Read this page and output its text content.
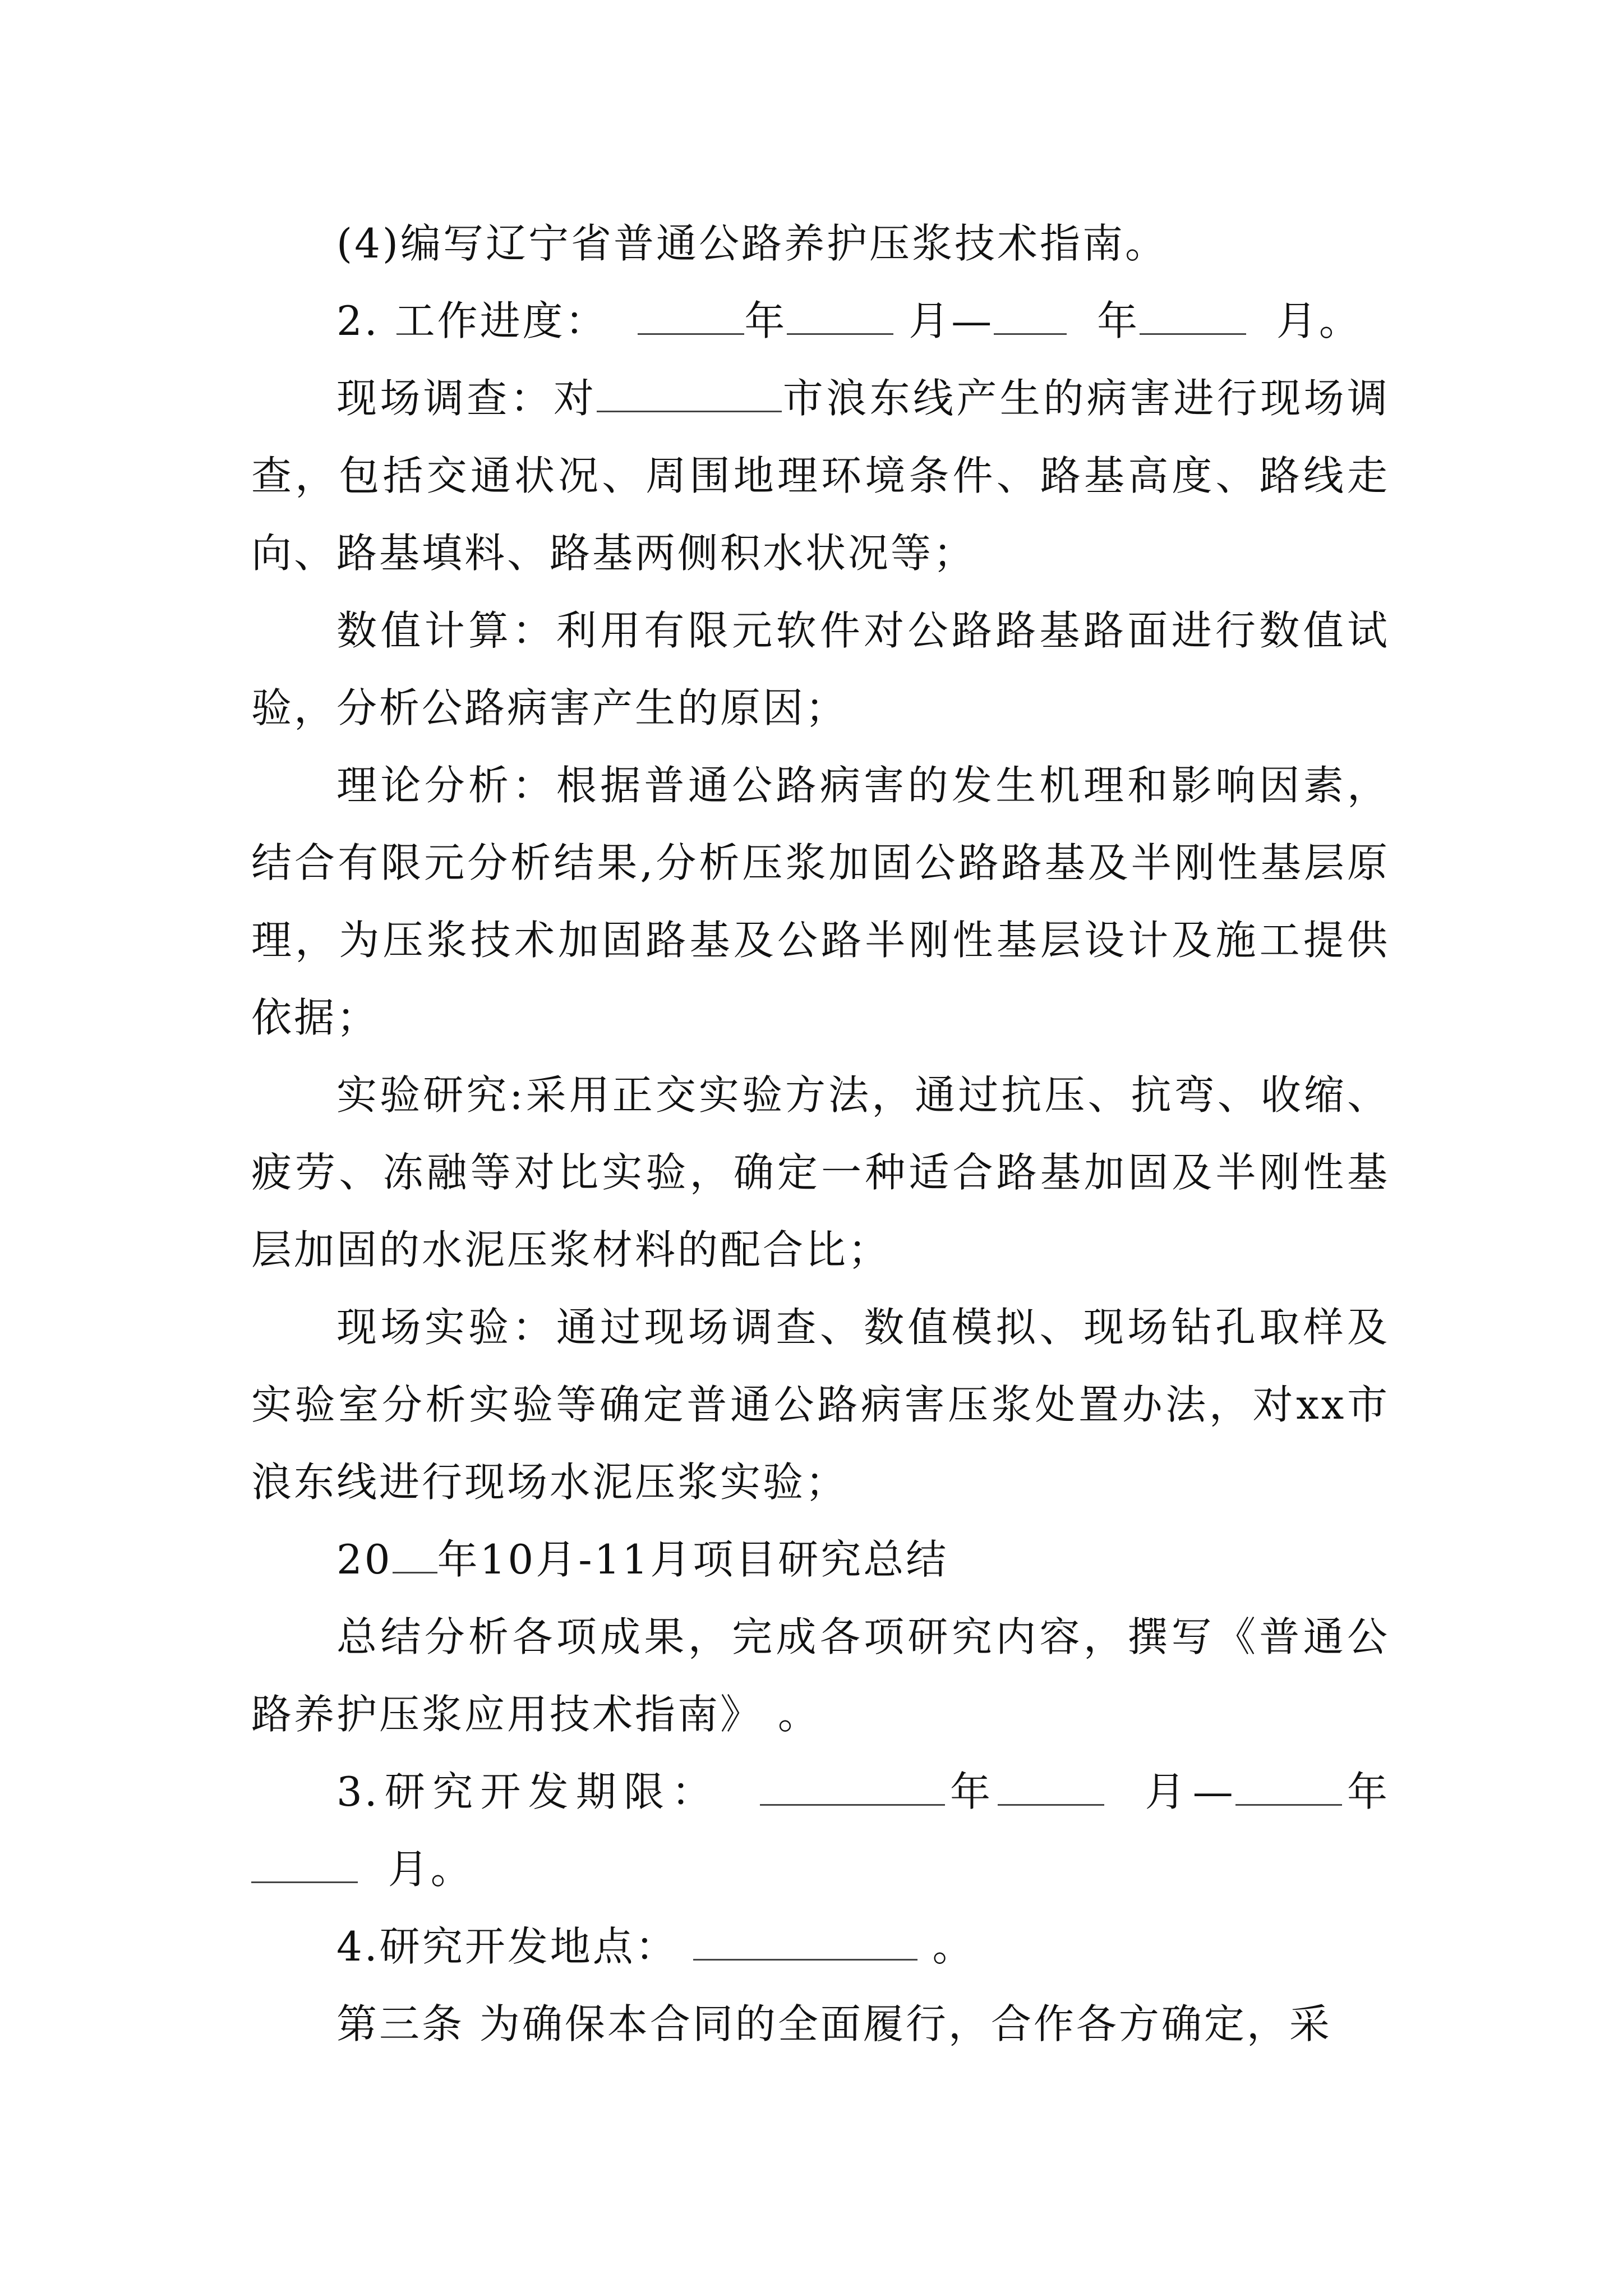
(4)编写辽宁省普通公路养护压浆技术指南。

2. 工作进度：	年	月—	年	月。

现场调查：对	市浪东线产生的病害进行现场调查，包括交通状况、周围地理环境条件、路基高度、路线走向、路基填料、路基两侧积水状况等；

数值计算：利用有限元软件对公路路基路面进行数值试验，分析公路病害产生的原因；

理论分析：根据普通公路病害的发生机理和影响因素，结合有限元分析结果,分析压浆加固公路路基及半刚性基层原理，为压浆技术加固路基及公路半刚性基层设计及施工提供依据；

实验研究:采用正交实验方法，通过抗压、抗弯、收缩、疲劳、冻融等对比实验，确定一种适合路基加固及半刚性基层加固的水泥压浆材料的配合比；

现场实验：通过现场调查、数值模拟、现场钻孔取样及实验室分析实验等确定普通公路病害压浆处置办法，对xx市浪东线进行现场水泥压浆实验；

20 年10月-11月项目研究总结

总结分析各项成果，完成各项研究内容，撰写《普通公路养护压浆应用技术指南》 。

3.研究开发期限：	年	月—	年  月。

4.研究开发地点：	。

第三条 为确保本合同的全面履行，合作各方确定，采
